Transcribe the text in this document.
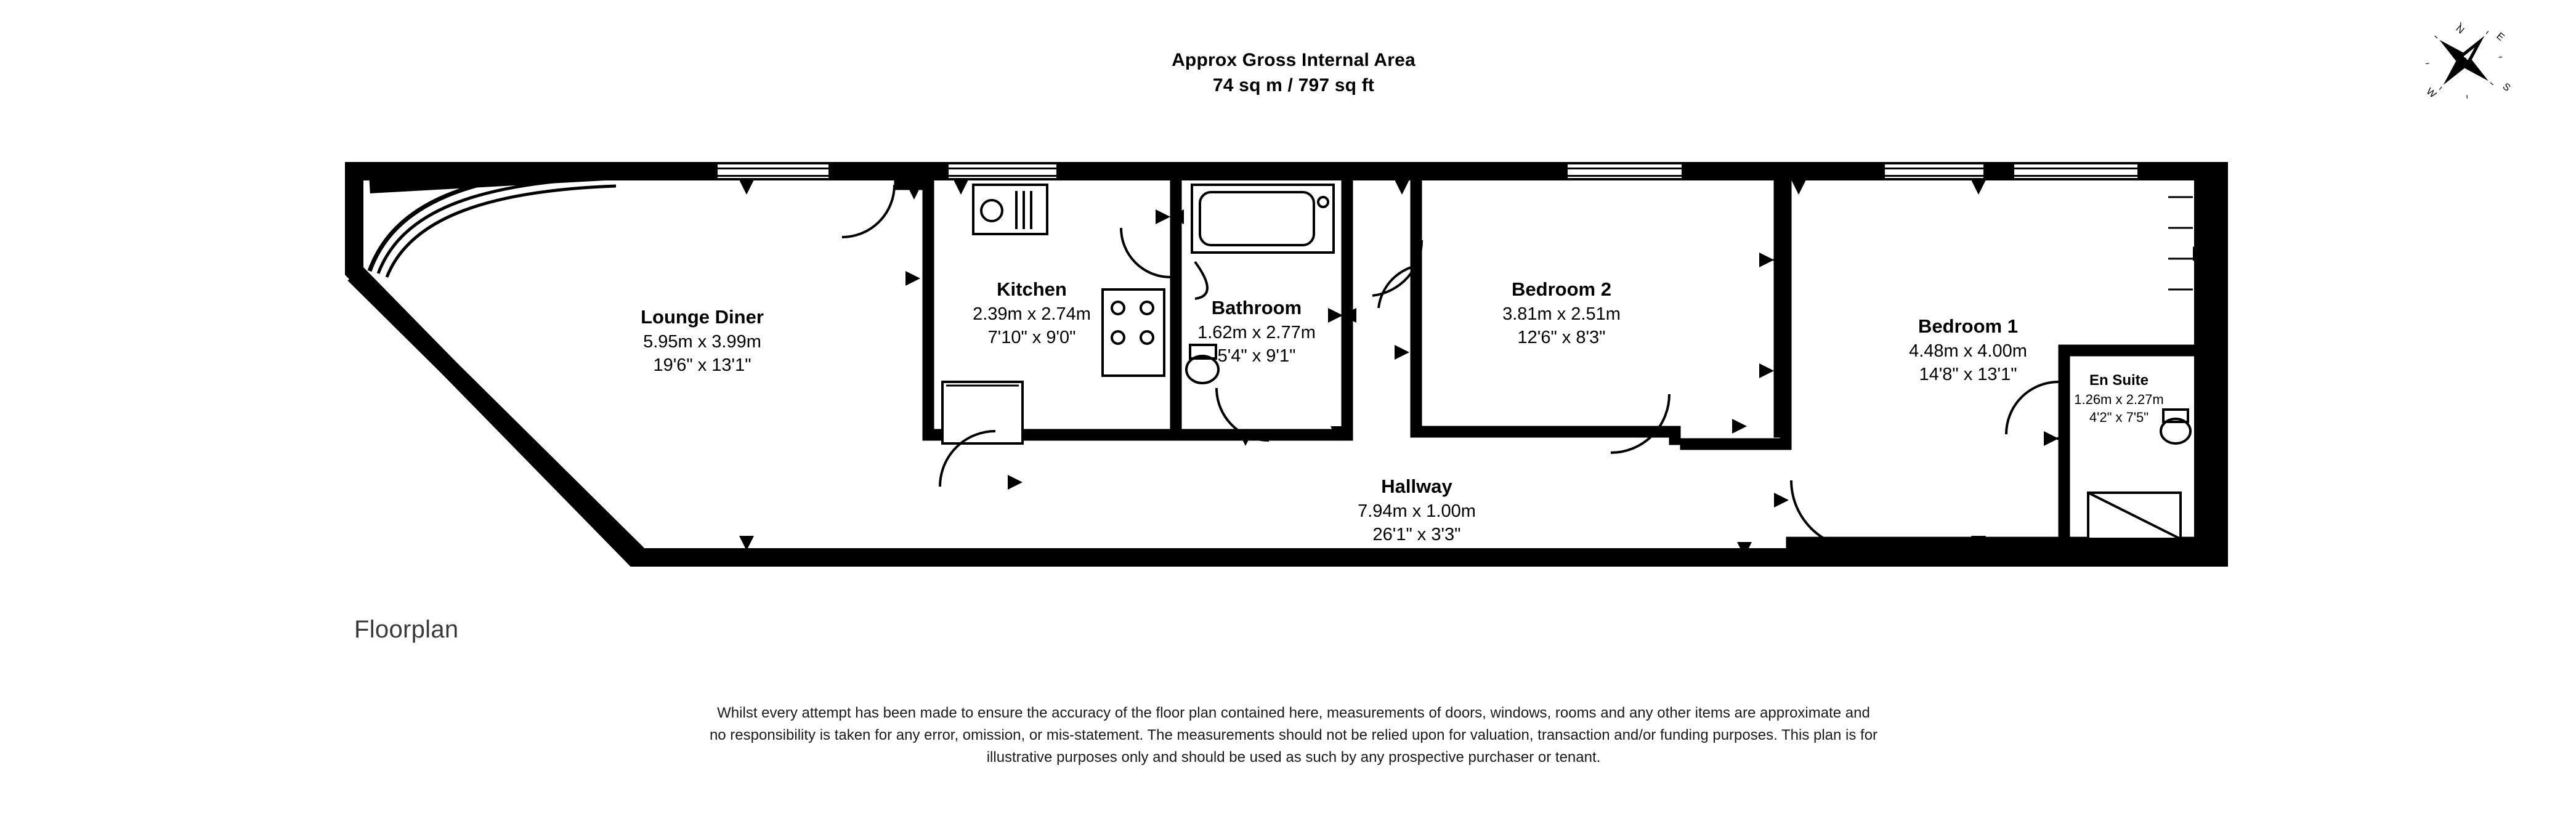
Approx Gross Internal Area
74 sq m / 797 sq ft
N
E
S
W
Lounge Diner
5.95m x 3.99m
19'6" x 13'1"
Kitchen
2.39m x 2.74m
7'10" x 9'0"
Bathroom
1.62m x 2.77m
5'4" x 9'1"
Bedroom 2
3.81m x 2.51m
12'6" x 8'3"
Bedroom 1
4.48m x 4.00m
14'8" x 13'1"	En Suite
1.26m x 2.27m
4'2" x 7'5"
Hallway
7.94m x 1.00m
26'1" x 3'3"
Floorplan
Whilst every attempt has been made to ensure the accuracy of the floor plan contained here, measurements of doors, windows, rooms and any other items are approximate and no responsibility is taken for any error, omission, or mis-statement. The measurements should not be relied upon for valuation, transaction and/or funding purposes. This plan is for illustrative purposes only and should be used as such by any prospective purchaser or tenant.
